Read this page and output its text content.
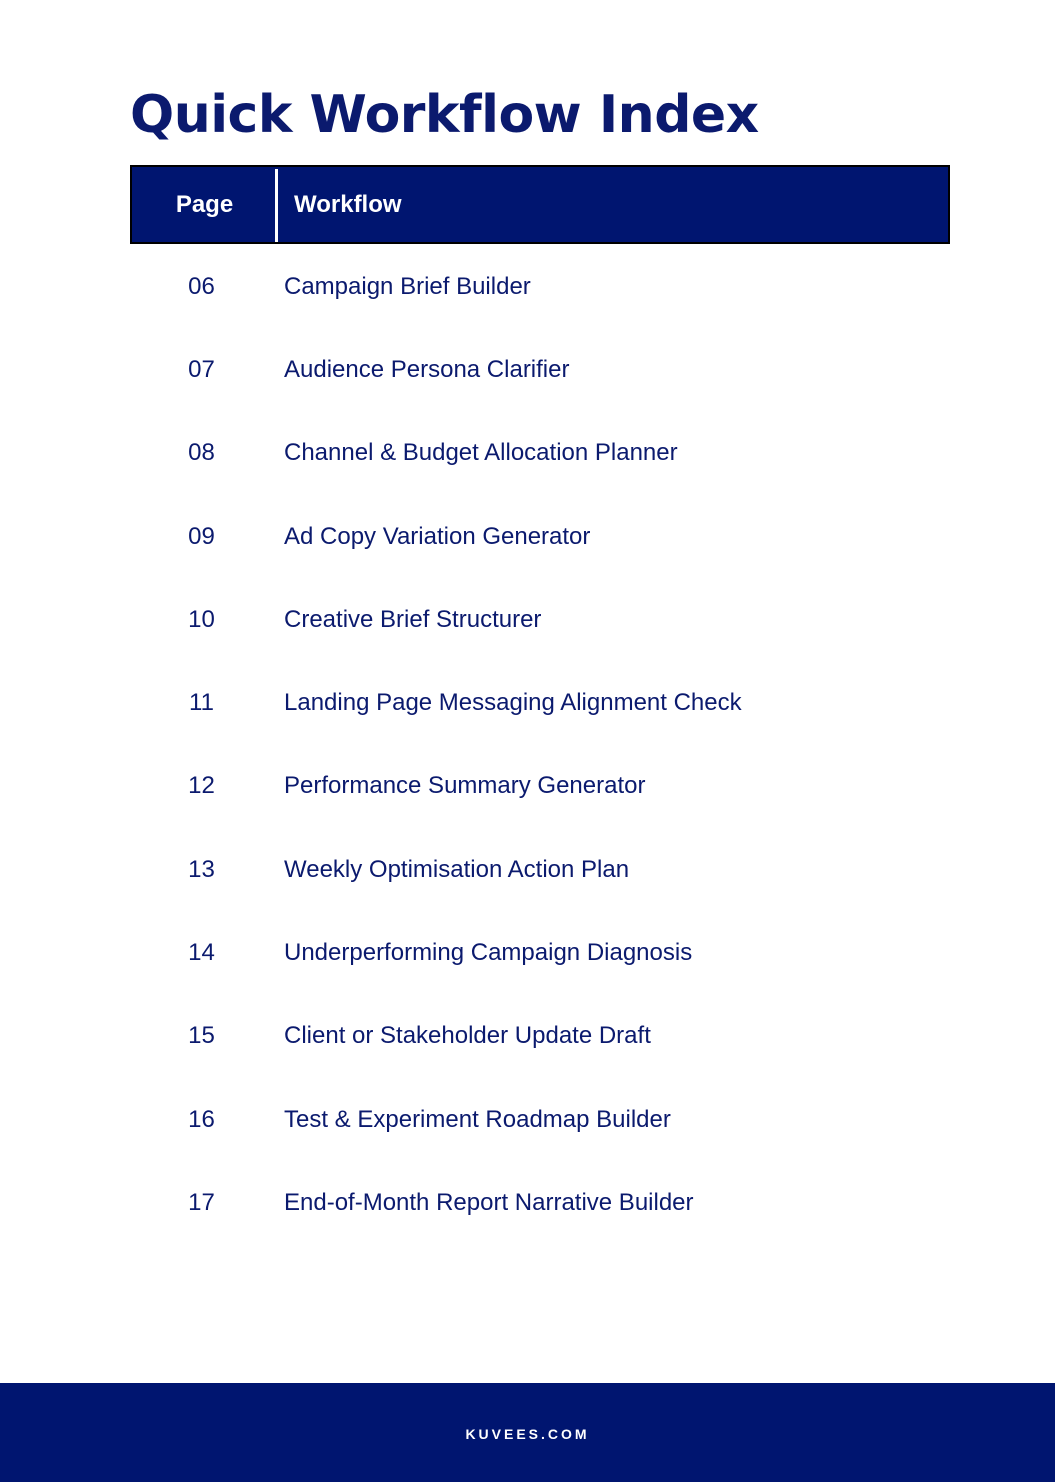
Quick Workflow Index
Page	Workflow
06	Campaign Brief Builder
07	Audience Persona Clarifier
08	Channel & Budget Allocation Planner
09	Ad Copy Variation Generator
10	Creative Brief Structurer
11	Landing Page Messaging Alignment Check
12	Performance Summary Generator
13	Weekly Optimisation Action Plan
14	Underperforming Campaign Diagnosis
15	Client or Stakeholder Update Draft
16	Test & Experiment Roadmap Builder
17	End-of-Month Report Narrative Builder
KUVEES.COM
